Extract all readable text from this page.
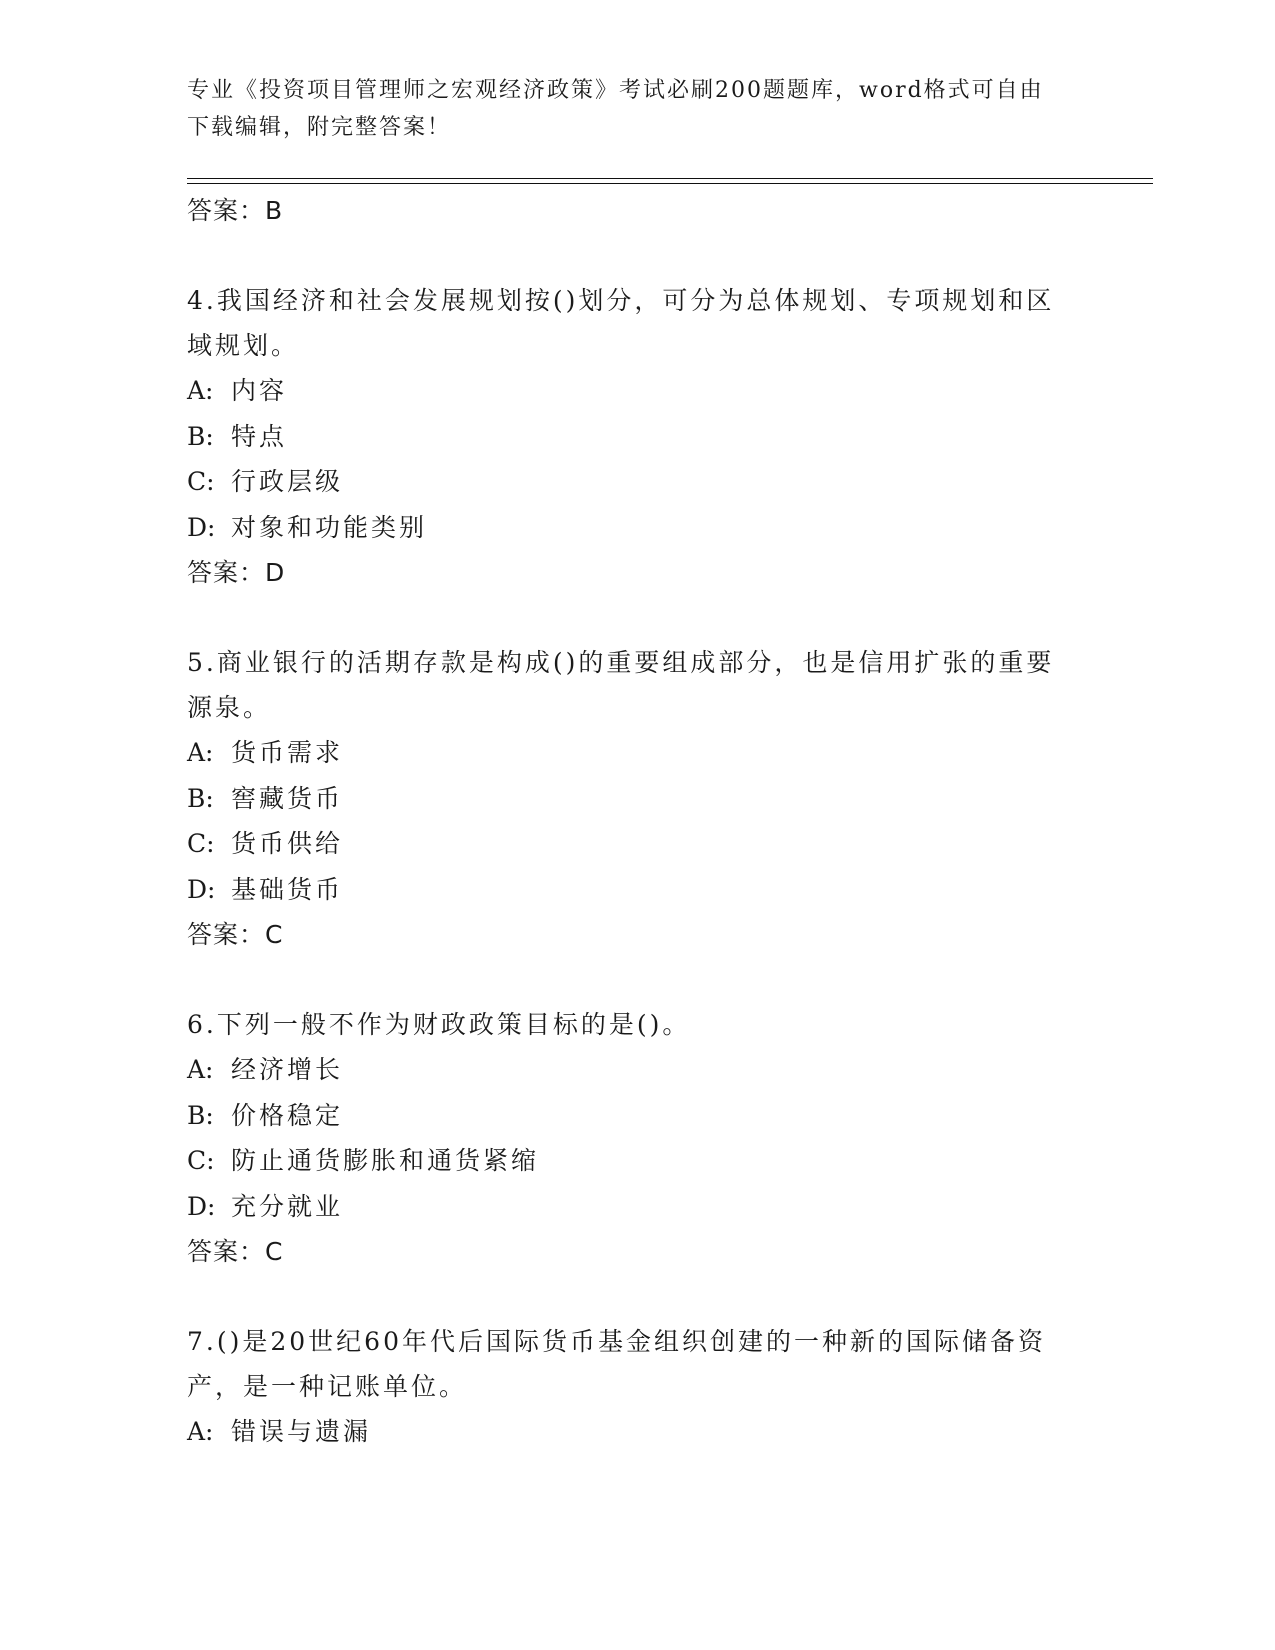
专业《投资项目管理师之宏观经济政策》考试必刷200题题库，word格式可自由下载编辑，附完整答案！

答案：B

4.我国经济和社会发展规划按()划分，可分为总体规划、专项规划和区域规划。

A: 内容

B: 特点

C: 行政层级

D: 对象和功能类别

答案：D

5.商业银行的活期存款是构成()的重要组成部分，也是信用扩张的重要源泉。

A: 货币需求

B: 窖藏货币

C: 货币供给

D: 基础货币

答案：C

6.下列一般不作为财政政策目标的是()。

A: 经济增长

B: 价格稳定

C: 防止通货膨胀和通货紧缩

D: 充分就业

答案：C

7.()是20世纪60年代后国际货币基金组织创建的一种新的国际储备资产，是一种记账单位。

A: 错误与遗漏
